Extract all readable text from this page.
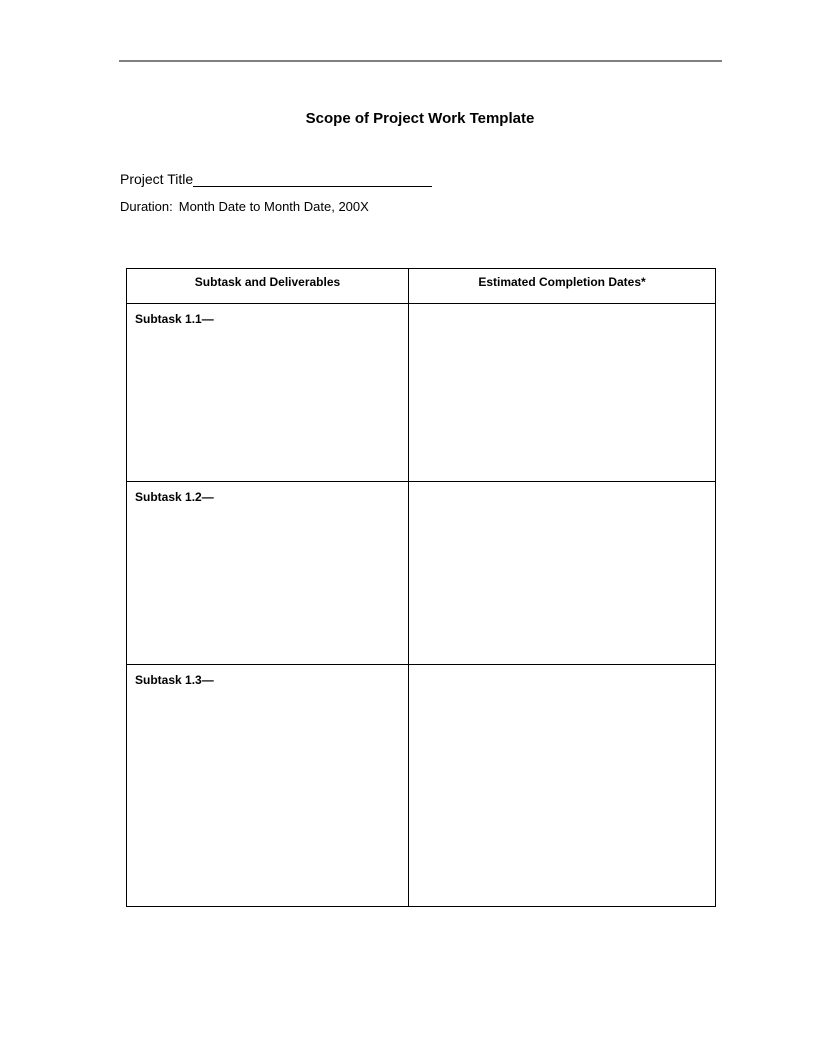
Scope of Project Work Template
Project Title
Duration: Month Date to Month Date, 200X
Subtask and Deliverables	Estimated Completion Dates*

Subtask 1.1—	

Subtask 1.2—	

Subtask 1.3—	
